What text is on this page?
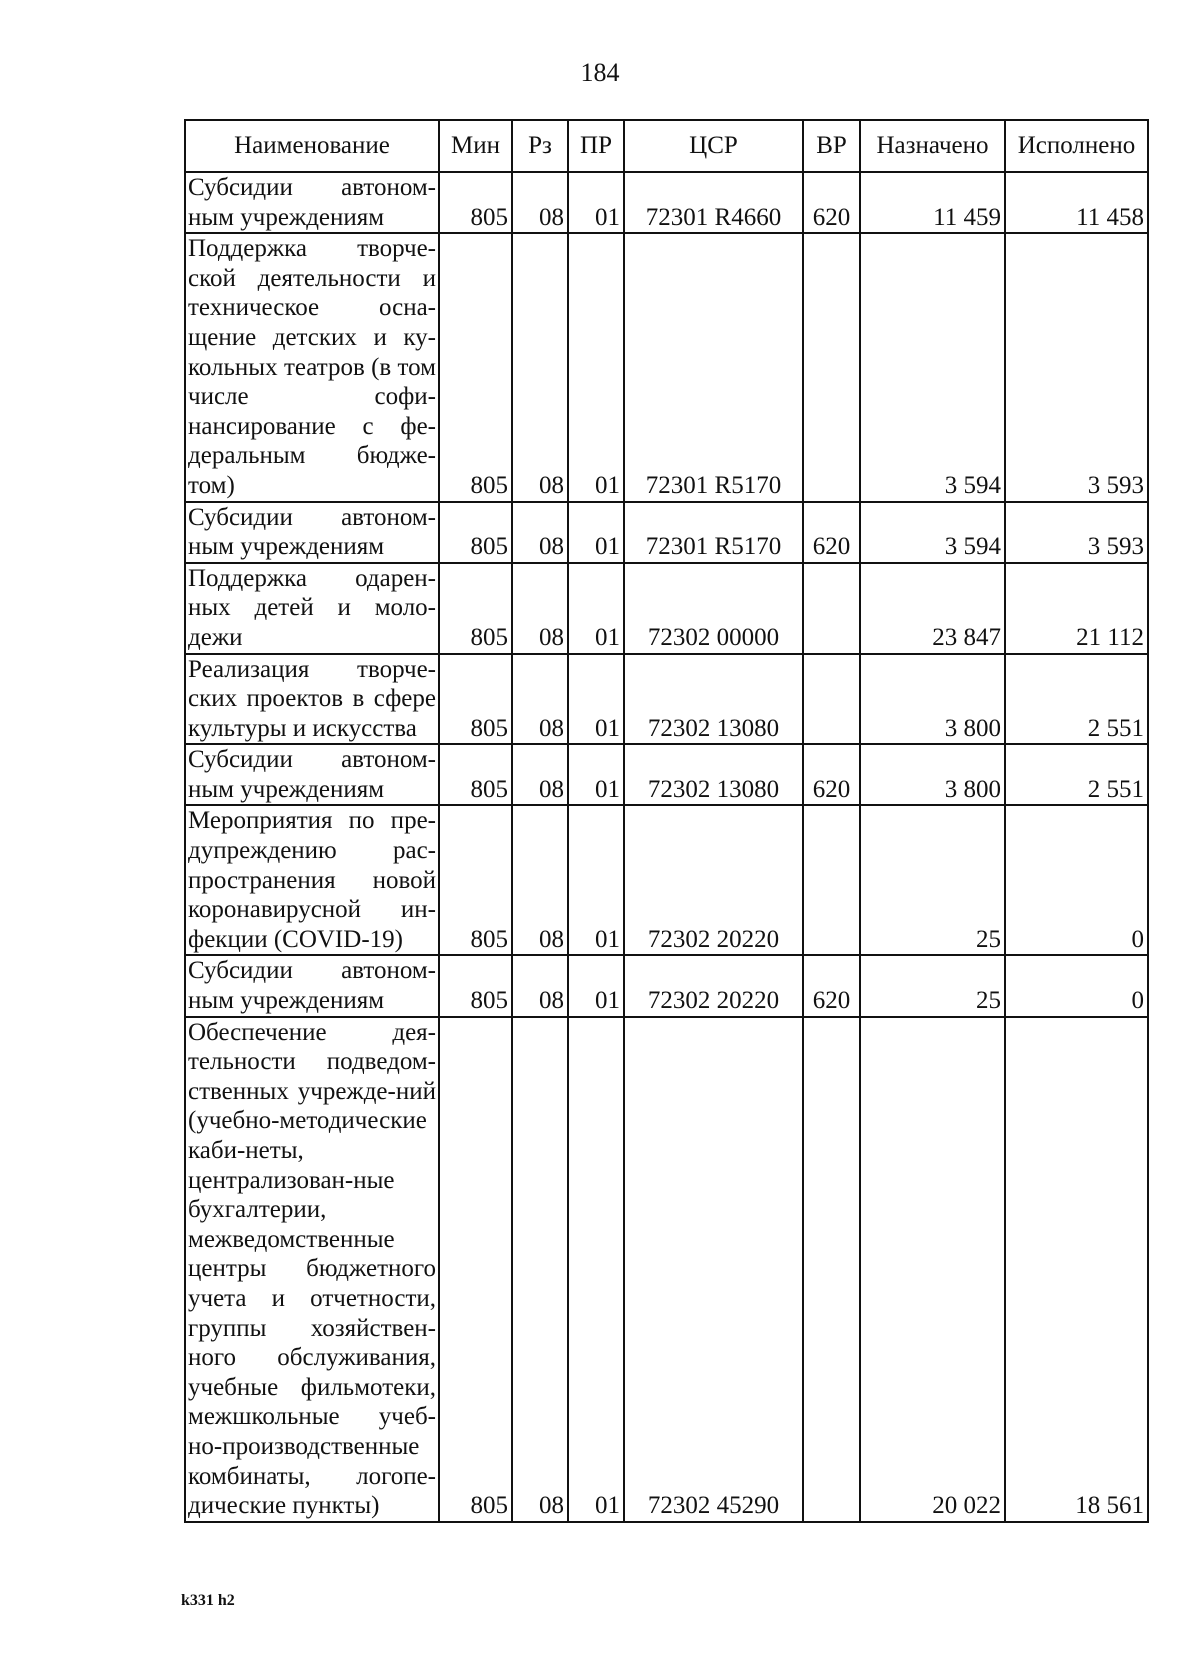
184
Наименование	Мин	Рз	ПР	ЦСР	ВР	Назначено	Исполнено
Субсидии автоном-ным учреждениям	805	08	01	72301 R4660	620	11 459	11 458
Поддержка творче-ской деятельности и техническое осна-щение детских и ку-кольных театров (в том числе софи-нансирование с фе-деральным бюдже-том)	805	08	01	72301 R5170		3 594	3 593
Субсидии автоном-ным учреждениям	805	08	01	72301 R5170	620	3 594	3 593
Поддержка одарен-ных детей и моло-дежи	805	08	01	72302 00000		23 847	21 112
Реализация творче-ских проектов в сфере культуры и искусства	805	08	01	72302 13080		3 800	2 551
Субсидии автоном-ным учреждениям	805	08	01	72302 13080	620	3 800	2 551
Мероприятия по пре-дупреждению рас-пространения новой коронавирусной ин-фекции (COVID-19)	805	08	01	72302 20220		25	0
Субсидии автоном-ным учреждениям	805	08	01	72302 20220	620	25	0
Обеспечение дея-тельности подведом-ственных учрежде-ний (учебно-методические каби-неты, централизован-ные бухгалтерии, межведомственные центры бюджетного учета и отчетности, группы хозяйствен-ного обслуживания, учебные фильмотеки, межшкольные учеб-но-производственные комбинаты, логопе-дические пункты)	805	08	01	72302 45290		20 022	18 561
k331 h2
